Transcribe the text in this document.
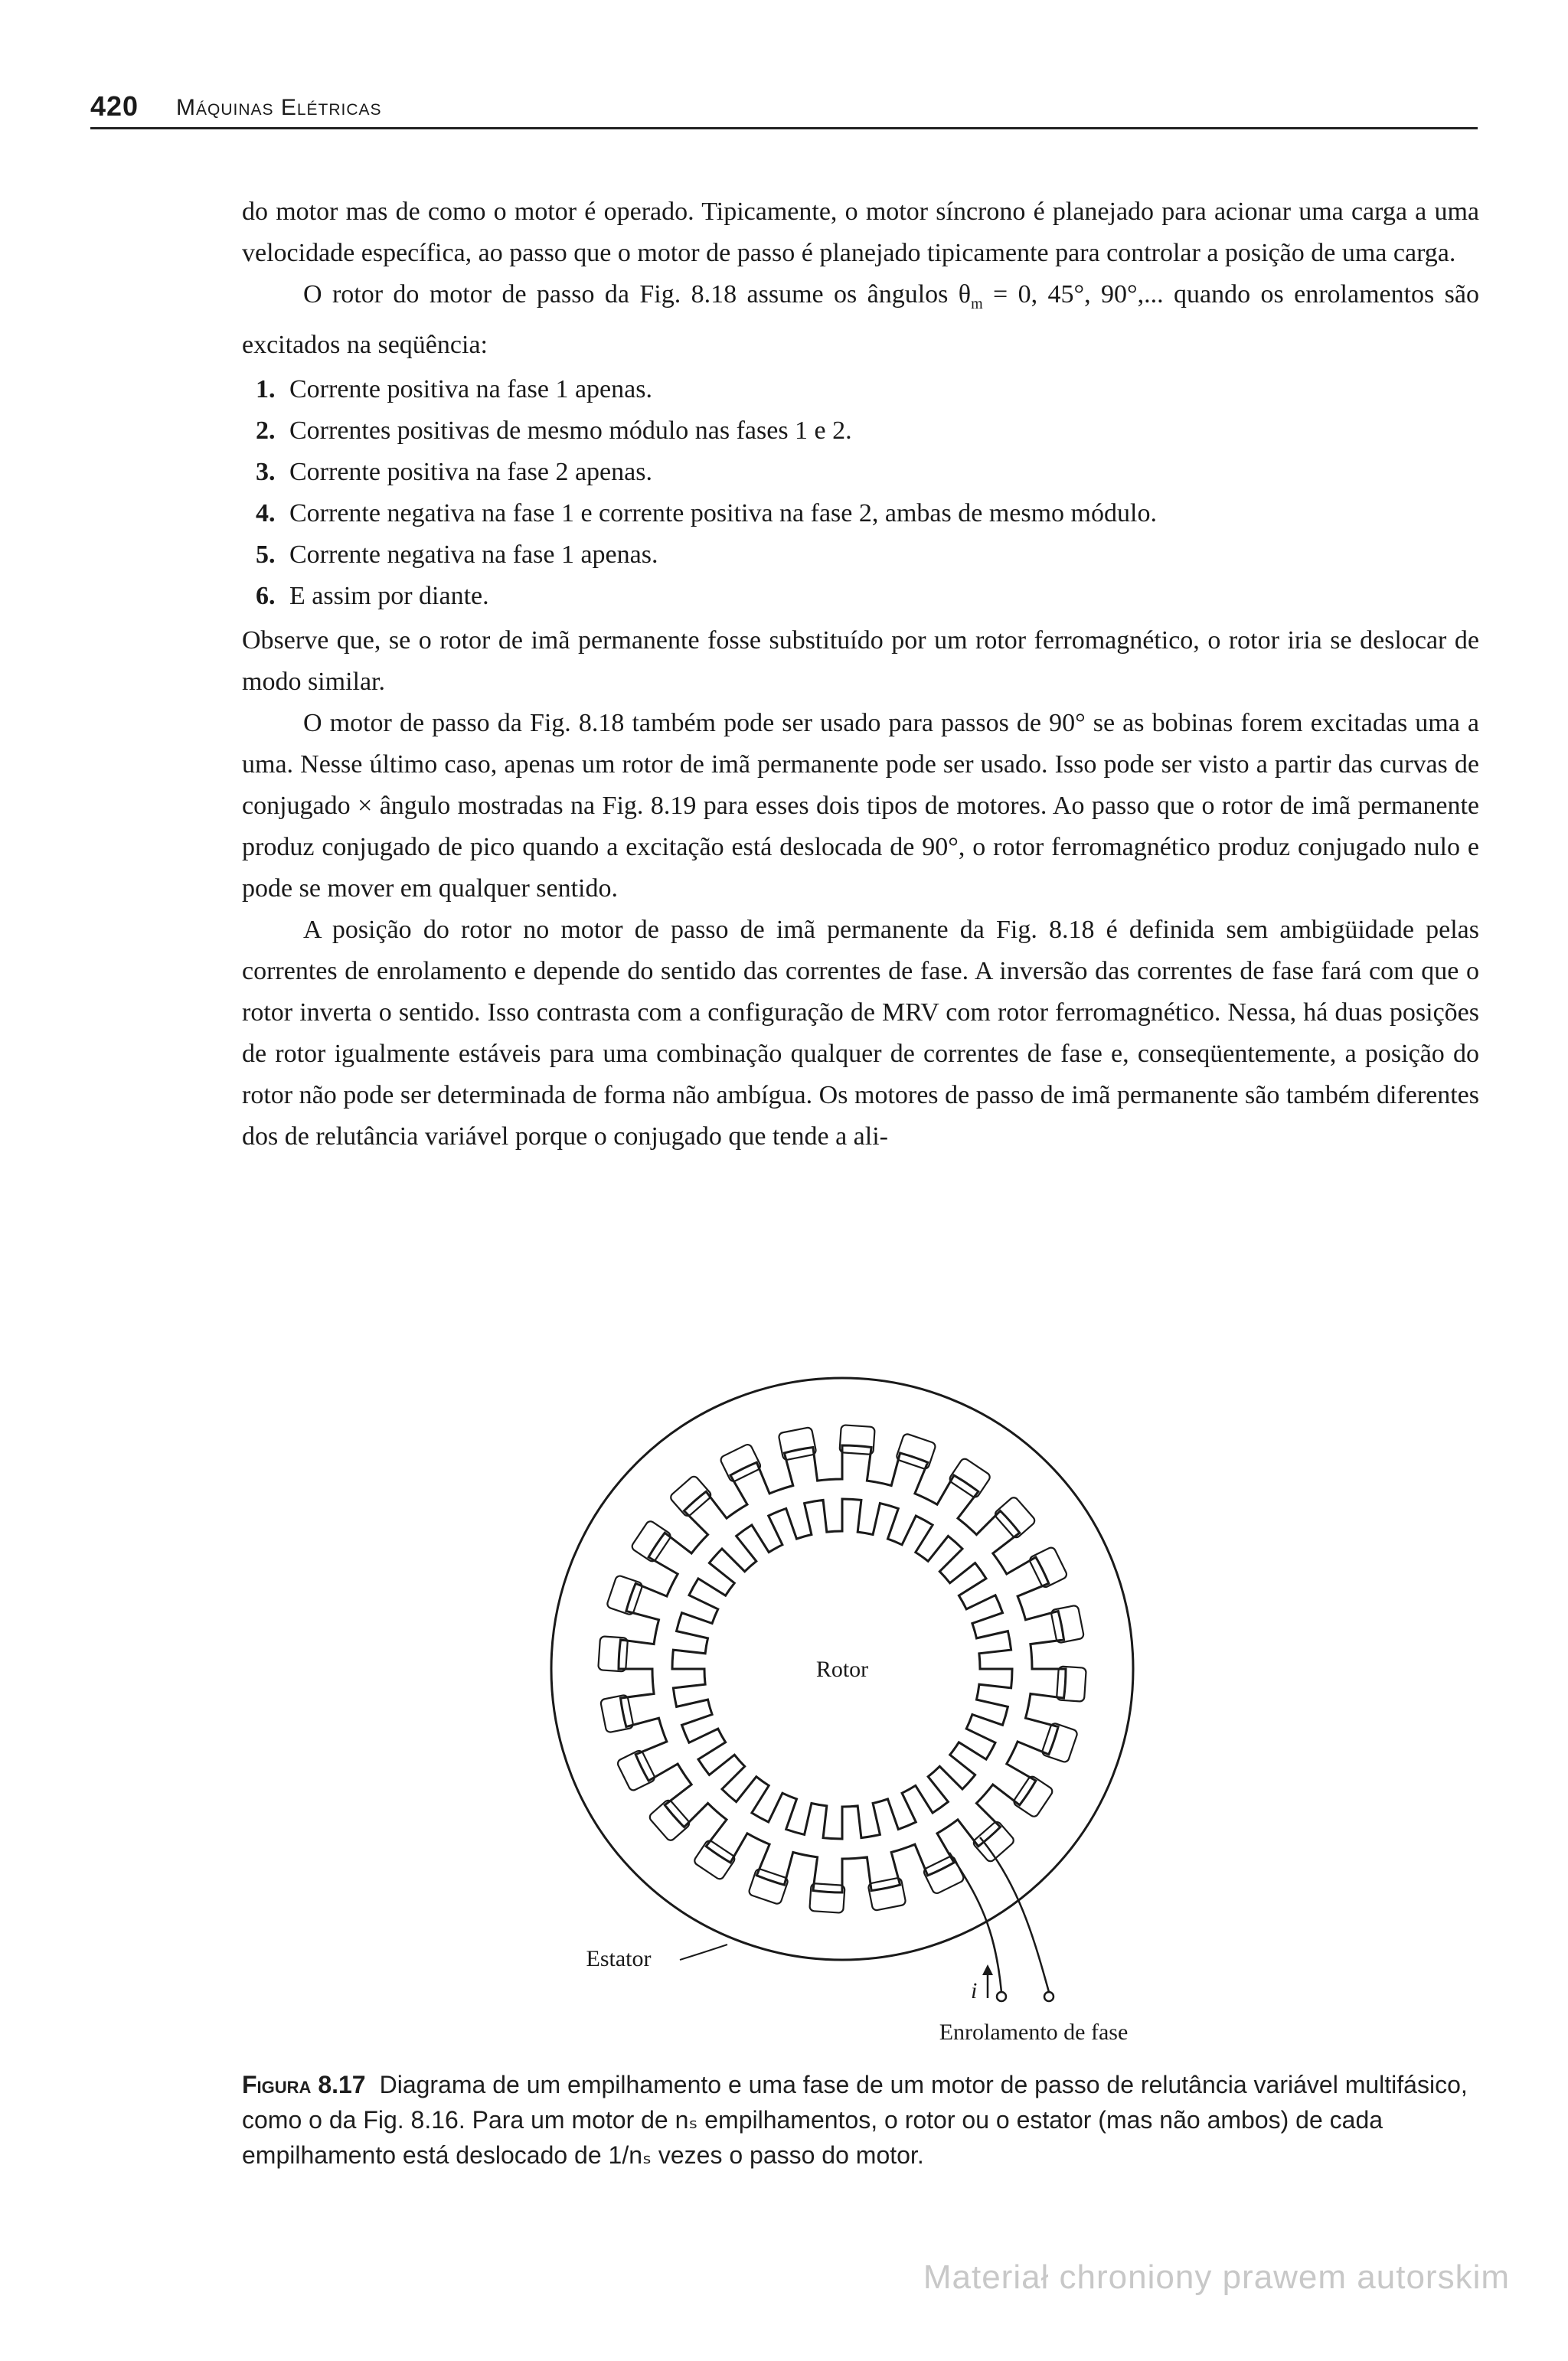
420 Máquinas Elétricas

do motor mas de como o motor é operado. Tipicamente, o motor síncrono é planejado para acionar uma carga a uma velocidade específica, ao passo que o motor de passo é planejado tipicamente para controlar a posição de uma carga.

O rotor do motor de passo da Fig. 8.18 assume os ângulos $\theta_m = 0$, 45°, 90°,... quando os enrolamentos são excitados na seqüência:

1. Corrente positiva na fase 1 apenas.
2. Correntes positivas de mesmo módulo nas fases 1 e 2.
3. Corrente positiva na fase 2 apenas.
4. Corrente negativa na fase 1 e corrente positiva na fase 2, ambas de mesmo módulo.
5. Corrente negativa na fase 1 apenas.
6. E assim por diante.

Observe que, se o rotor de imã permanente fosse substituído por um rotor ferromagnético, o rotor iria se deslocar de modo similar.

O motor de passo da Fig. 8.18 também pode ser usado para passos de 90° se as bobinas forem excitadas uma a uma. Nesse último caso, apenas um rotor de imã permanente pode ser usado. Isso pode ser visto a partir das curvas de conjugado × ângulo mostradas na Fig. 8.19 para esses dois tipos de motores. Ao passo que o rotor de imã permanente produz conjugado de pico quando a excitação está deslocada de 90°, o rotor ferromagnético produz conjugado nulo e pode se mover em qualquer sentido.

A posição do rotor no motor de passo de imã permanente da Fig. 8.18 é definida sem ambigüidade pelas correntes de enrolamento e depende do sentido das correntes de fase. A inversão das correntes de fase fará com que o rotor inverta o sentido. Isso contrasta com a configuração de MRV com rotor ferromagnético. Nessa, há duas posições de rotor igualmente estáveis para uma combinação qualquer de correntes de fase e, conseqüentemente, a posição do rotor não pode ser determinada de forma não ambígua. Os motores de passo de imã permanente são também diferentes dos de relutância variável porque o conjugado que tende a ali-

Rotor
Estator
i
Enrolamento de fase
Figura 8.17 Diagrama de um empilhamento e uma fase de um motor de passo de relutância variável multifásico, como o da Fig. 8.16. Para um motor de nₛ empilhamentos, o rotor ou o estator (mas não ambos) de cada empilhamento está deslocado de 1/nₛ vezes o passo do motor.
Materiał chroniony prawem autorskim
